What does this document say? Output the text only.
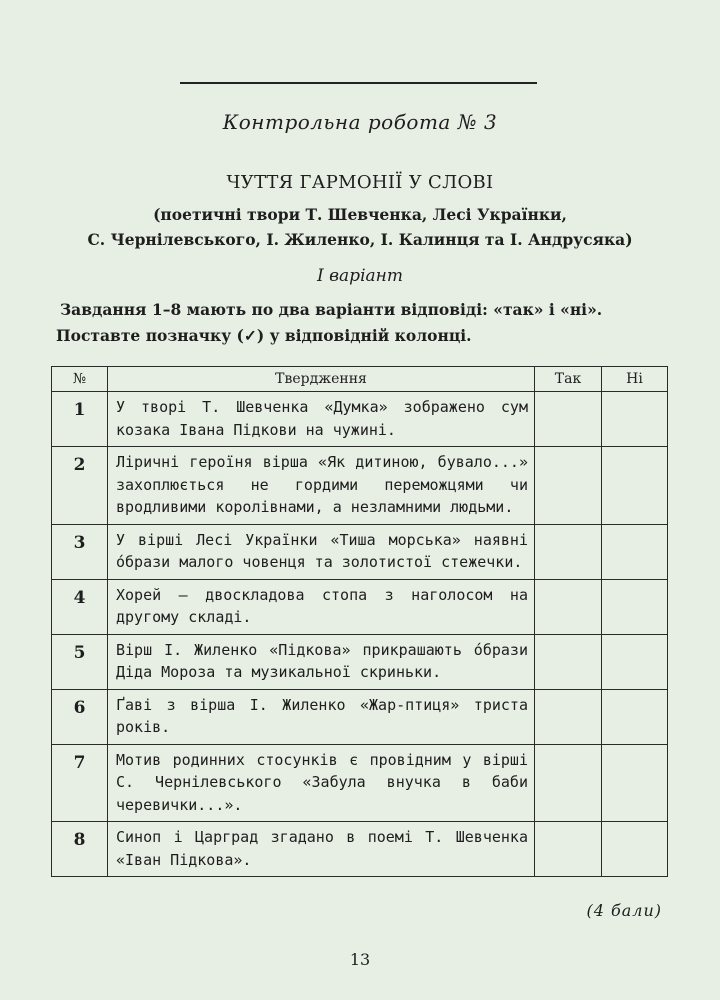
Контрольна робота № 3
ЧУТТЯ ГАРМОНІЇ У СЛОВІ
(поетичні твори Т. Шевченка, Лесі Українки,
С. Чернілевського, І. Жиленко, І. Калинця та І. Андрусяка)
І варіант
Завдання 1–8 мають по два варіанти відповіді: «так» і «ні».
Поставте позначку (✓) у відповідній колонці.
№	Твердження	Так	Ні
1	У творі Т. Шевченка «Думка» зображено сум козака Івана Підкови на чужині.		
2	Ліричні героїня вірша «Як дитиною, бувало...» захоплюється не гордими переможцями чи вродливими королівнами, а незламними людьми.		
3	У вірші Лесі Українки «Тиша морська» наявні о́брази малого човенця та золотистої стежечки.		
4	Хорей — двоскладова стопа з наголосом на другому складі.		
5	Вірш І. Жиленко «Підкова» прикрашають о́брази Діда Мороза та музикальної скриньки.		
6	Ґаві з вірша І. Жиленко «Жар-птиця» триста років.		
7	Мотив родинних стосунків є провідним у вірші С. Чернілевського «Забула внучка в баби черевички...».		
8	Синоп і Царград згадано в поемі Т. Шевченка «Іван Підкова».		
(4 бали)
13
